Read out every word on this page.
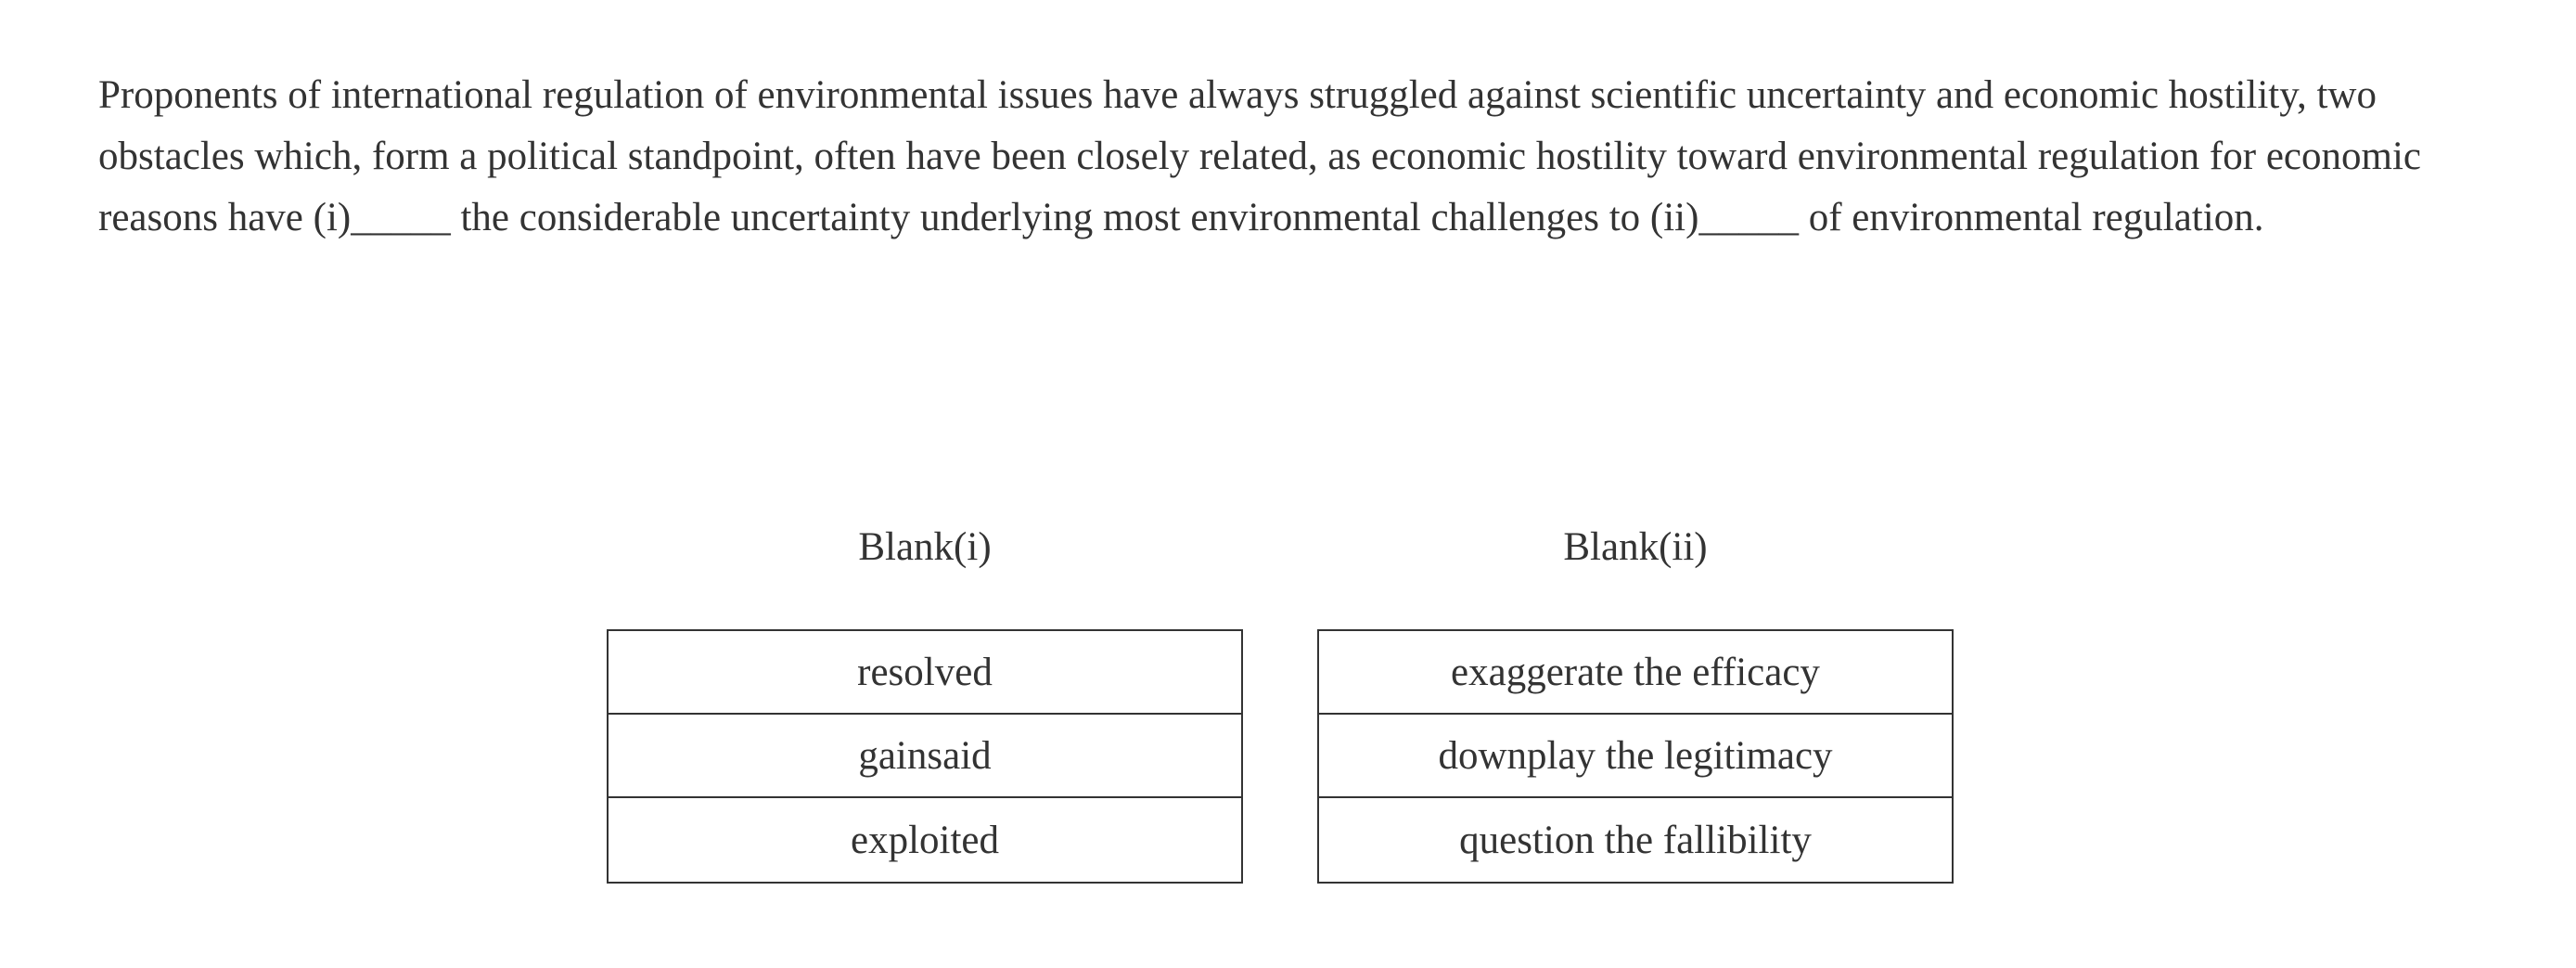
Proponents of international regulation of environmental issues have always struggled against scientific uncertainty and economic hostility, two obstacles which, form a political standpoint, often have been closely related, as economic hostility toward environmental regulation for economic reasons have (i)_____ the considerable uncertainty underlying most environmental challenges to (ii)_____ of environmental regulation.

Blank(i)	Blank(ii)
resolved
gainsaid
exploited
exaggerate the efficacy
downplay the legitimacy
question the fallibility
